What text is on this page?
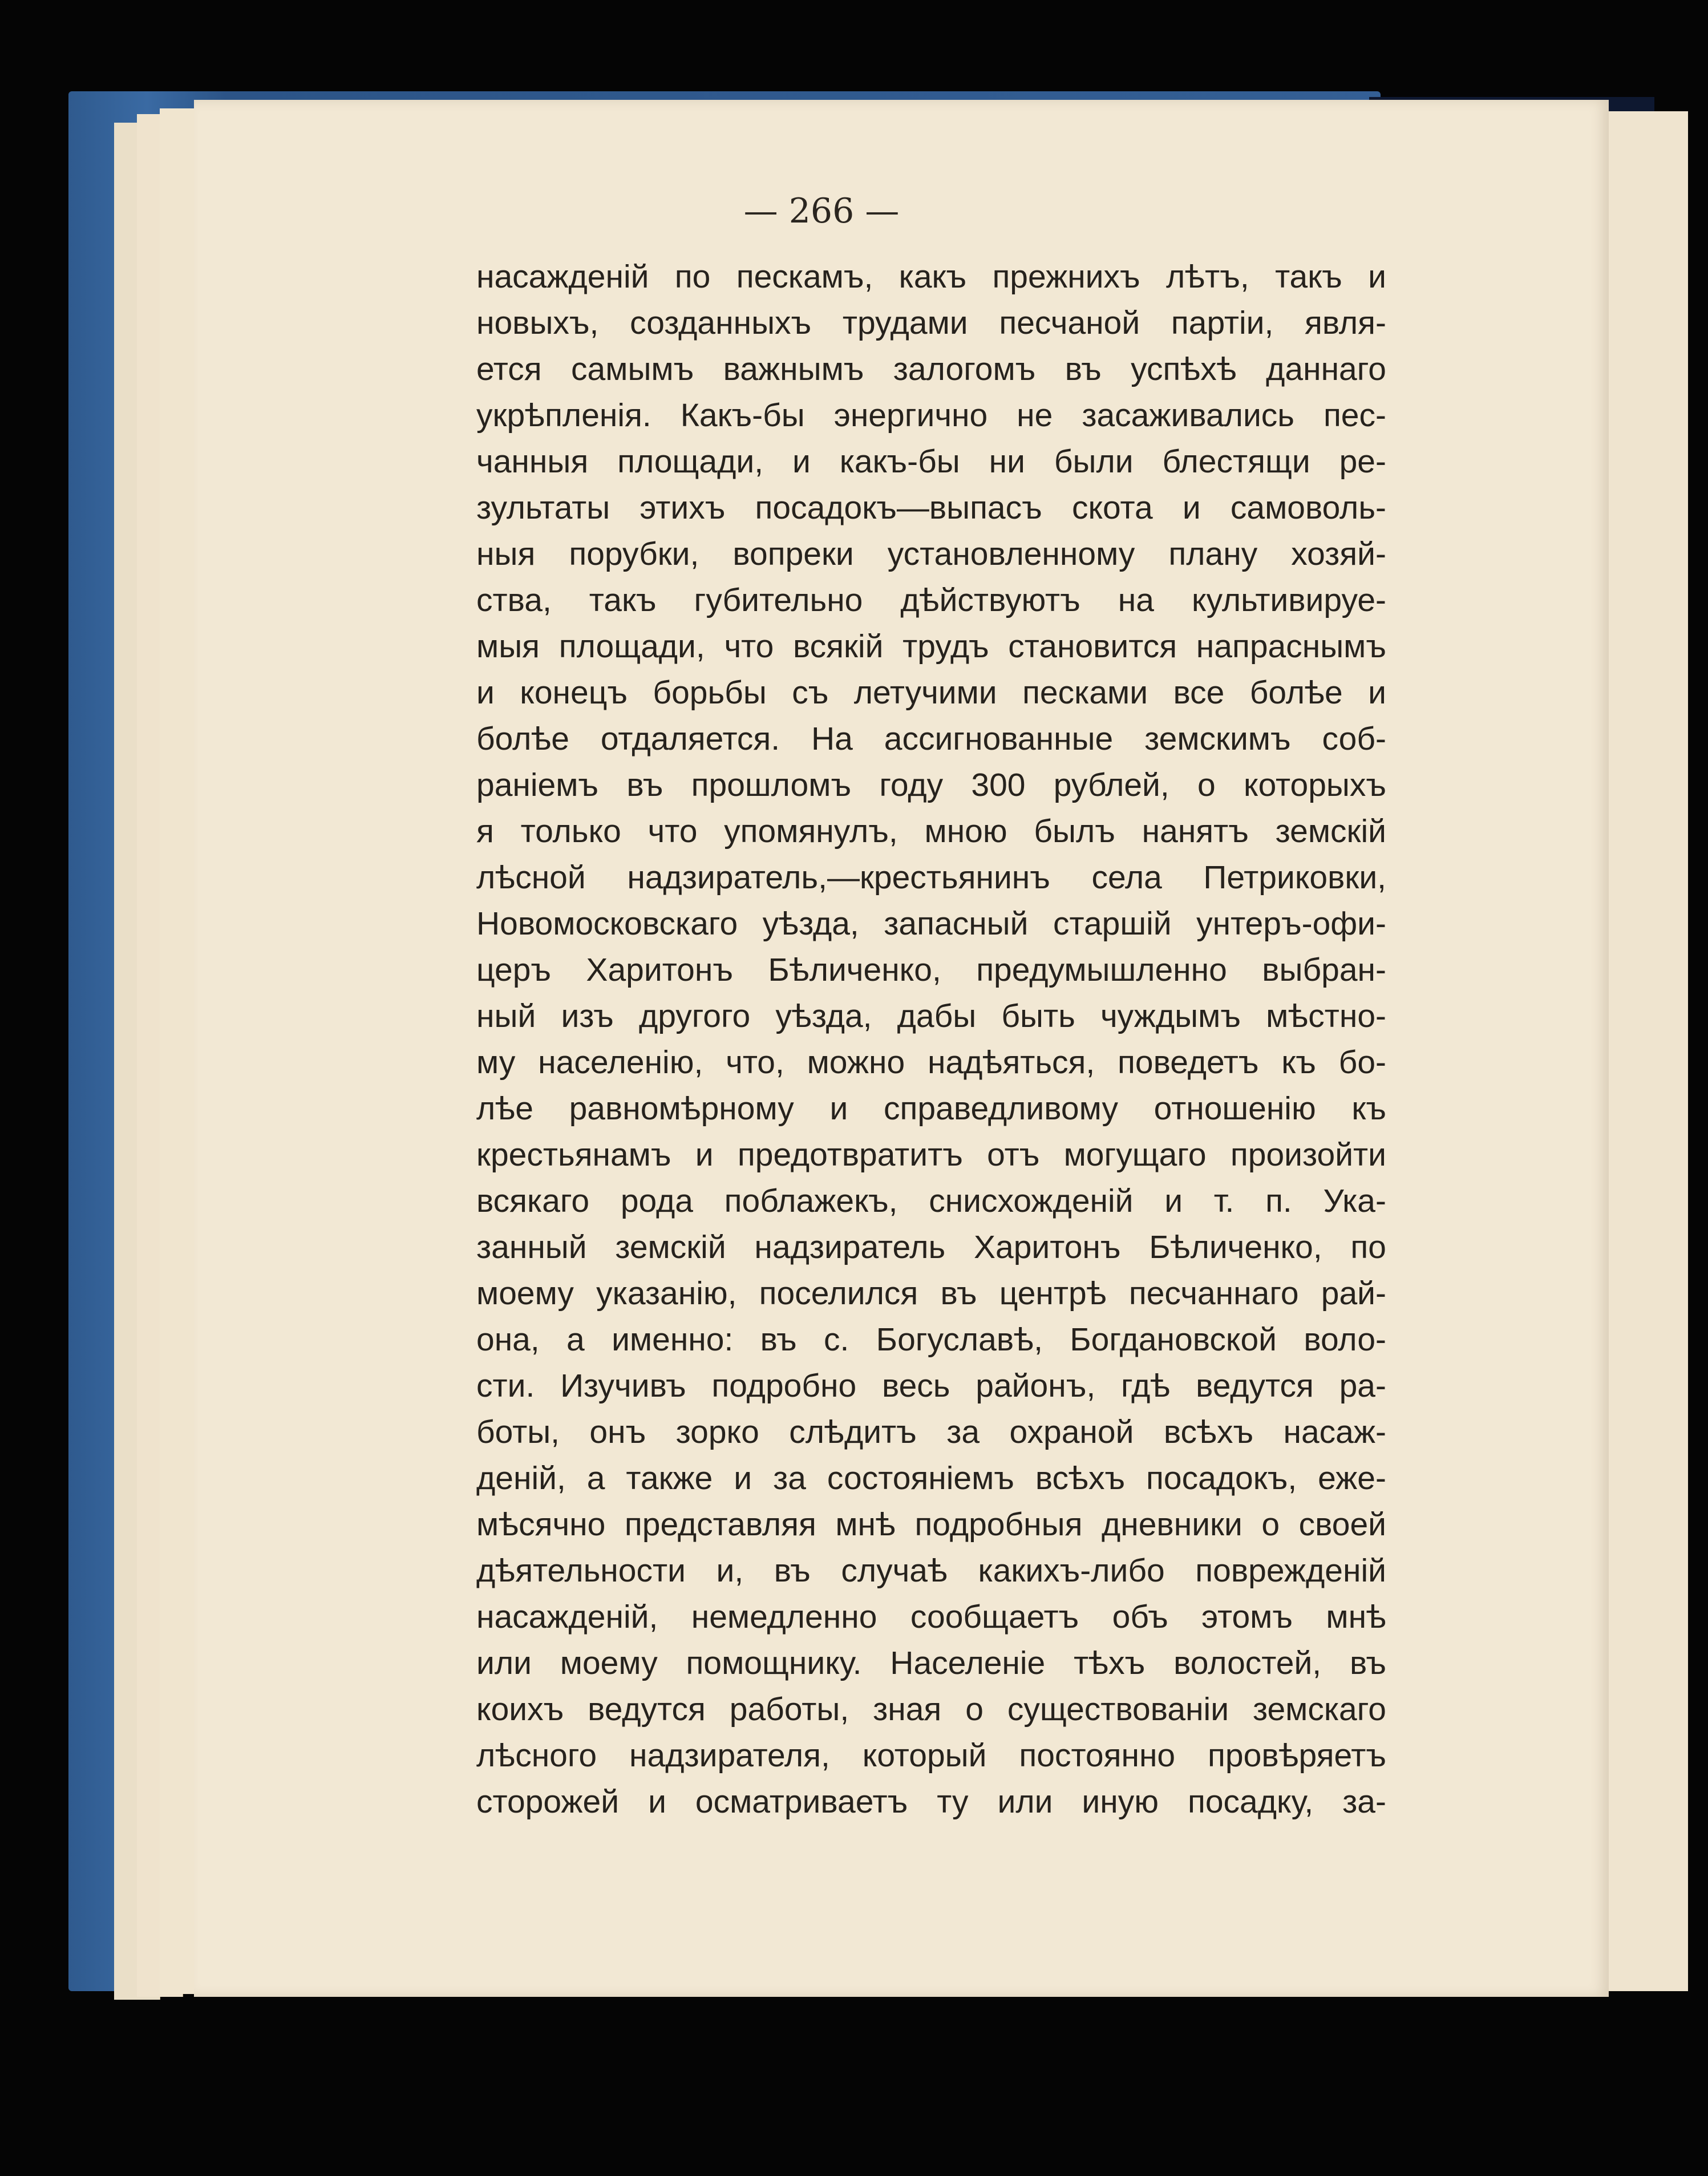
— 266 —
насажденій по пескамъ, какъ прежнихъ лѣтъ, такъ и
новыхъ, созданныхъ трудами песчаной партіи, явля-
ется самымъ важнымъ залогомъ въ успѣхѣ даннаго
укрѣпленія. Какъ-бы энергично не засаживались пес-
чанныя площади, и какъ-бы ни были блестящи ре-
зультаты этихъ посадокъ—выпасъ скота и самоволь-
ныя порубки, вопреки установленному плану хозяй-
ства, такъ губительно дѣйствуютъ на культивируе-
мыя площади, что всякій трудъ становится напраснымъ
и конецъ борьбы съ летучими песками все болѣе и
болѣе отдаляется. На ассигнованные земскимъ соб-
раніемъ въ прошломъ году 300 рублей, о которыхъ
я только что упомянулъ, мною былъ нанятъ земскій
лѣсной надзиратель,—крестьянинъ села Петриковки,
Новомосковскаго уѣзда, запасный старшій унтеръ-офи-
церъ Харитонъ Бѣличенко, предумышленно выбран-
ный изъ другого уѣзда, дабы быть чуждымъ мѣстно-
му населенію, что, можно надѣяться, поведетъ къ бо-
лѣе равномѣрному и справедливому отношенію къ
крестьянамъ и предотвратитъ отъ могущаго произойти
всякаго рода поблажекъ, снисхожденій и т. п. Ука-
занный земскій надзиратель Харитонъ Бѣличенко, по
моему указанію, поселился въ центрѣ песчаннаго рай-
она, а именно: въ с. Богуславѣ, Богдановской воло-
сти. Изучивъ подробно весь районъ, гдѣ ведутся ра-
боты, онъ зорко слѣдитъ за охраной всѣхъ насаж-
деній, а также и за состояніемъ всѣхъ посадокъ, еже-
мѣсячно представляя мнѣ подробныя дневники о своей
дѣятельности и, въ случаѣ какихъ-либо поврежденій
насажденій, немедленно сообщаетъ объ этомъ мнѣ
или моему помощнику. Населеніе тѣхъ волостей, въ
коихъ ведутся работы, зная о существованіи земскаго
лѣсного надзирателя, который постоянно провѣряетъ
сторожей и осматриваетъ ту или иную посадку, за-
